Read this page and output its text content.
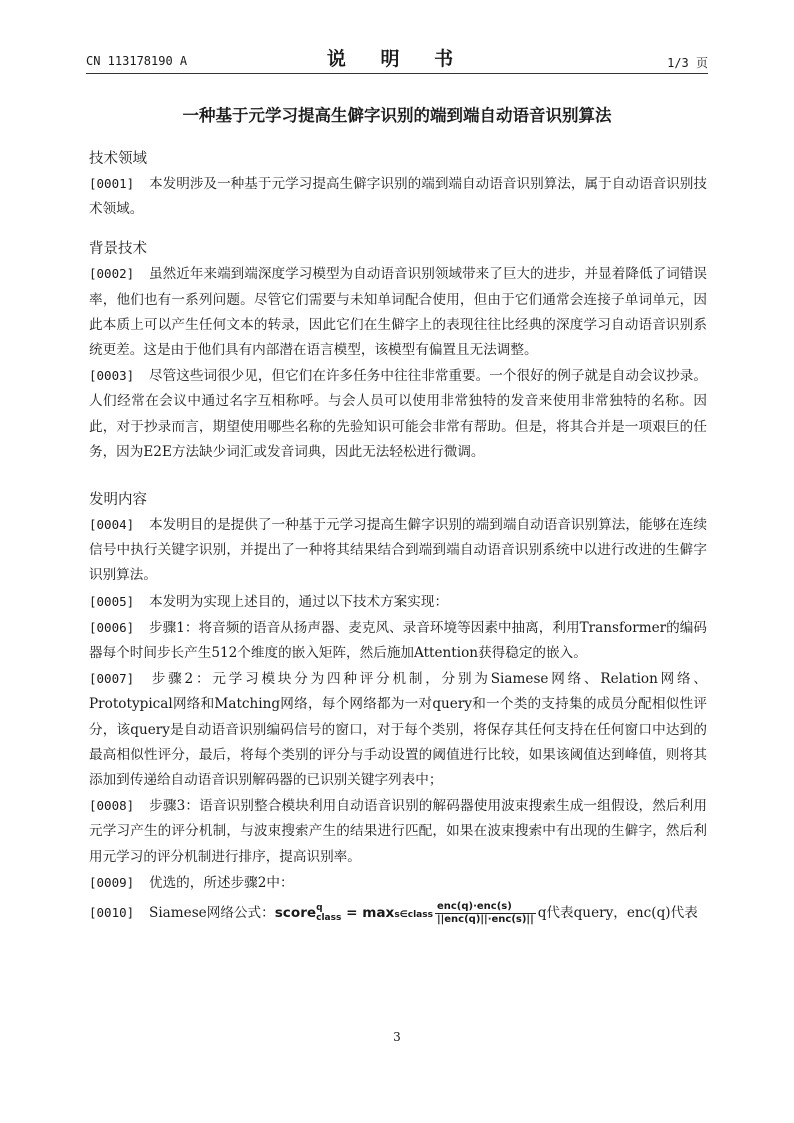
CN 113178190 A	说 明 书	1/3 页
一种基于元学习提高生僻字识别的端到端自动语音识别算法

技术领域

[0001] 本发明涉及一种基于元学习提高生僻字识别的端到端自动语音识别算法，属于自动语音识别技术领域。

背景技术

[0002] 虽然近年来端到端深度学习模型为自动语音识别领域带来了巨大的进步，并显着降低了词错误率，他们也有一系列问题。尽管它们需要与未知单词配合使用，但由于它们通常会连接子单词单元，因此本质上可以产生任何文本的转录，因此它们在生僻字上的表现往往比经典的深度学习自动语音识别系统更差。这是由于他们具有内部潜在语言模型，该模型有偏置且无法调整。

[0003] 尽管这些词很少见，但它们在许多任务中往往非常重要。一个很好的例子就是自动会议抄录。人们经常在会议中通过名字互相称呼。与会人员可以使用非常独特的发音来使用非常独特的名称。因此，对于抄录而言，期望使用哪些名称的先验知识可能会非常有帮助。但是，将其合并是一项艰巨的任务，因为E2E方法缺少词汇或发音词典，因此无法轻松进行微调。

发明内容

[0004] 本发明目的是提供了一种基于元学习提高生僻字识别的端到端自动语音识别算法，能够在连续信号中执行关键字识别，并提出了一种将其结果结合到端到端自动语音识别系统中以进行改进的生僻字识别算法。

[0005] 本发明为实现上述目的，通过以下技术方案实现：

[0006] 步骤1：将音频的语音从扬声器、麦克风、录音环境等因素中抽离，利用Transformer的编码器每个时间步长产生512个维度的嵌入矩阵，然后施加Attention获得稳定的嵌入。

[0007] 步骤2：元学习模块分为四种评分机制，分别为Siamese网络、Relation网络、Prototypical网络和Matching网络，每个网络都为一对query和一个类的支持集的成员分配相似性评分，该query是自动语音识别编码信号的窗口，对于每个类别，将保存其任何支持在任何窗口中达到的最高相似性评分，最后，将每个类别的评分与手动设置的阈值进行比较，如果该阈值达到峰值，则将其添加到传递给自动语音识别解码器的已识别关键字列表中；

[0008] 步骤3：语音识别整合模块利用自动语音识别的解码器使用波束搜索生成一组假设，然后利用元学习产生的评分机制，与波束搜索产生的结果进行匹配，如果在波束搜索中有出现的生僻字，然后利用元学习的评分机制进行排序，提高识别率。

[0009] 优选的，所述步骤2中：

[0010] Siamese网络公式：score q
class = maxs∈class $\frac{\text{enc(q)·enc(s)}}{\text{||enc(q)||·enc(s)||}}$ q代表query，enc(q)代表

3
